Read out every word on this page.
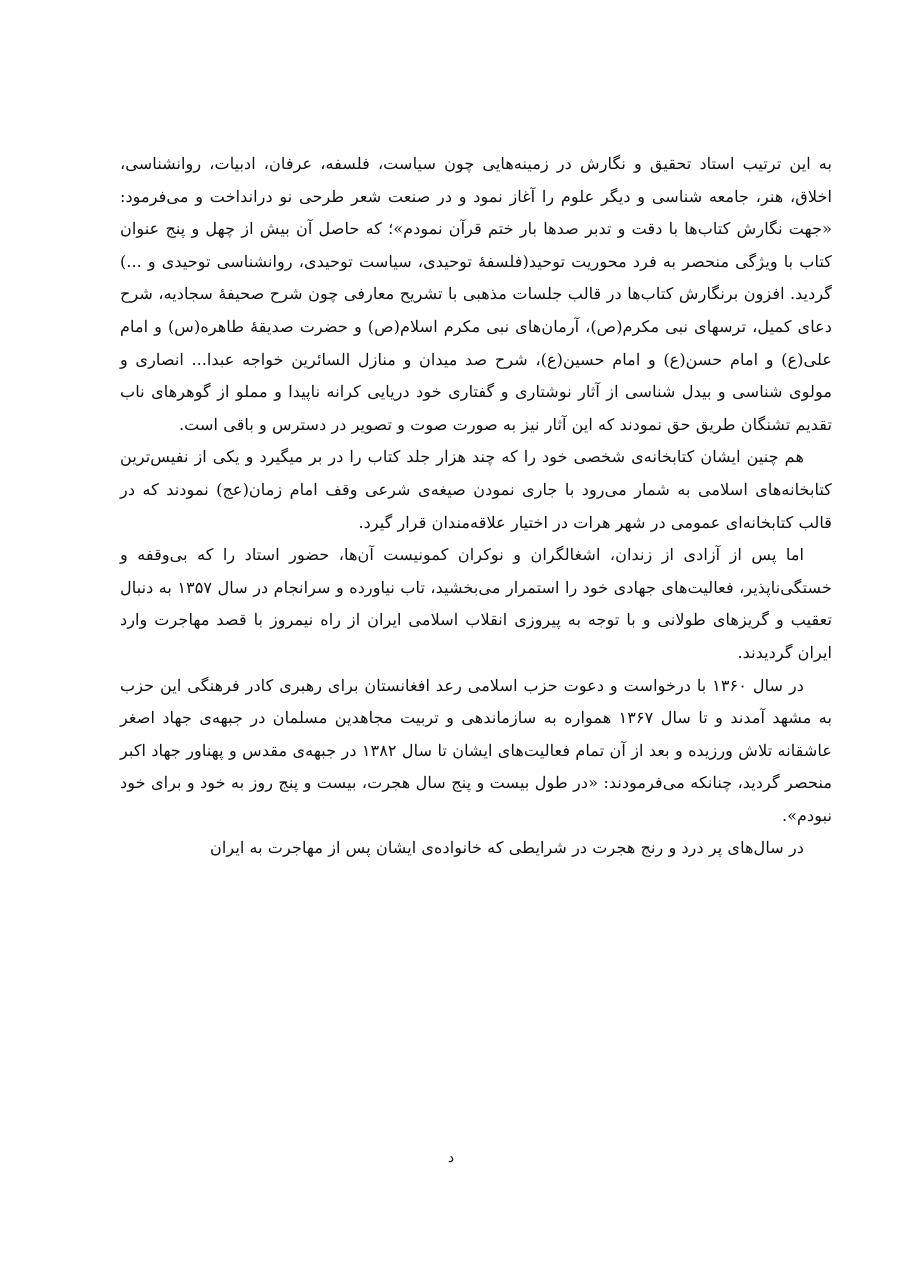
به این ترتیب استاد تحقیق و نگارش در زمینه‌هایی چون سیاست، فلسفه، عرفان، ادبیات، روانشناسی، اخلاق، هنر، جامعه شناسی و دیگر علوم را آغاز نمود و در صنعت شعر طرحی نو درانداخت و می‌فرمود: «جهت نگارش کتاب‌ها با دقت و تدبر صدها بار ختم قرآن نمودم»؛ که حاصل آن بیش از چهل و پنج عنوان کتاب با ویژگی منحصر به فرد محوریت توحید(فلسفهٔ توحیدی، سیاست توحیدی، روانشناسی توحیدی و ...) گردید. افزون برنگارش کتاب‌ها در قالب جلسات مذهبی با تشریح معارفی چون شرح صحیفهٔ سجادیه، شرح دعای کمیل، ترسهای نبی مکرم(ص)، آرمان‌های نبی مکرم اسلام(ص) و حضرت صدیقهٔ طاهره(س) و امام علی(ع) و امام حسن(ع) و امام حسین(ع)، شرح صد میدان و منازل السائرین خواجه عبدا... انصاری و مولوی شناسی و بیدل شناسی از آثار نوشتاری و گفتاری خود دریایی کرانه ناپیدا و مملو از گوهرهای ناب تقدیم تشنگان طریق حق نمودند که این آثار نیز به صورت صوت و تصویر در دسترس و باقی است.

هم چنین ایشان کتابخانه‌ی شخصی خود را که چند هزار جلد کتاب را در بر میگیرد و یکی از نفیس‌ترین کتابخانه‌های اسلامی به شمار می‌رود با جاری نمودن صیغه‌ی شرعی وقف امام زمان(عج) نمودند که در قالب کتابخانه‌ای عمومی در شهر هرات در اختیار علاقه‌مندان قرار گیرد.

اما پس از آزادی از زندان، اشغالگران و نوکران کمونیست آن‌ها، حضور استاد را که بی‌وقفه و خستگی‌ناپذیر، فعالیت‌های جهادی خود را استمرار می‌بخشید، تاب نیاورده و سرانجام در سال ۱۳۵۷ به دنبال تعقیب و گریزهای طولانی و با توجه به پیروزی انقلاب اسلامی ایران از راه نیمروز با قصد مهاجرت وارد ایران گردیدند.

در سال ۱۳۶۰ با درخواست و دعوت حزب اسلامی رعد افغانستان برای رهبری کادر فرهنگی این حزب به مشهد آمدند و تا سال ۱۳۶۷ همواره به سازماندهی و تربیت مجاهدین مسلمان در جبهه‌ی جهاد اصغر عاشقانه تلاش ورزیده و بعد از آن تمام فعالیت‌های ایشان تا سال ۱۳۸۲ در جبهه‌ی مقدس و پهناور جهاد اکبر منحصر گردید، چنانکه می‌فرمودند: «در طول بیست و پنج سال هجرت، بیست و پنج روز به خود و برای خود نبودم».

در سال‌های پر درد و رنج هجرت در شرایطی که خانواده‌ی ایشان پس از مهاجرت به ایران

د
